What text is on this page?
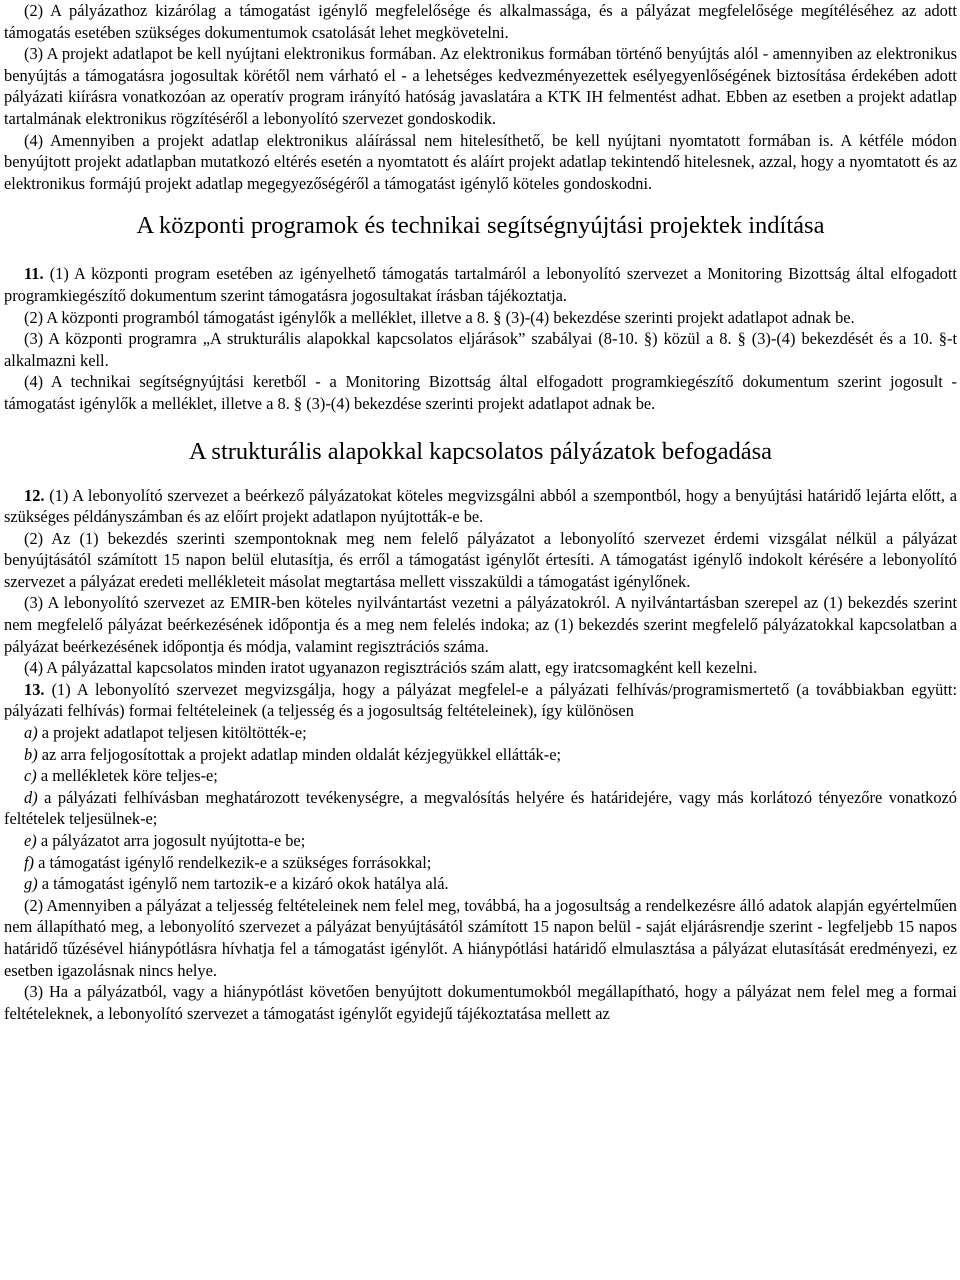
(2) A pályázathoz kizárólag a támogatást igénylő megfelelősége és alkalmassága, és a pályázat megfelelősége megítéléséhez az adott támogatás esetében szükséges dokumentumok csatolását lehet megkövetelni.

(3) A projekt adatlapot be kell nyújtani elektronikus formában. Az elektronikus formában történő benyújtás alól - amennyiben az elektronikus benyújtás a támogatásra jogosultak körétől nem várható el - a lehetséges kedvezményezettek esélyegyenlőségének biztosítása érdekében adott pályázati kiírásra vonatkozóan az operatív program irányító hatóság javaslatára a KTK IH felmentést adhat. Ebben az esetben a projekt adatlap tartalmának elektronikus rögzítéséről a lebonyolító szervezet gondoskodik.

(4) Amennyiben a projekt adatlap elektronikus aláírással nem hitelesíthető, be kell nyújtani nyomtatott formában is. A kétféle módon benyújtott projekt adatlapban mutatkozó eltérés esetén a nyomtatott és aláírt projekt adatlap tekintendő hitelesnek, azzal, hogy a nyomtatott és az elektronikus formájú projekt adatlap megegyezőségéről a támogatást igénylő köteles gondoskodni.

A központi programok és technikai segítségnyújtási projektek indítása

11. (1) A központi program esetében az igényelhető támogatás tartalmáról a lebonyolító szervezet a Monitoring Bizottság által elfogadott programkiegészítő dokumentum szerint támogatásra jogosultakat írásban tájékoztatja.

(2) A központi programból támogatást igénylők a melléklet, illetve a 8. § (3)-(4) bekezdése szerinti projekt adatlapot adnak be.

(3) A központi programra „A strukturális alapokkal kapcsolatos eljárások” szabályai (8-10. §) közül a 8. § (3)-(4) bekezdését és a 10. §-t alkalmazni kell.

(4) A technikai segítségnyújtási keretből - a Monitoring Bizottság által elfogadott programkiegészítő dokumentum szerint jogosult - támogatást igénylők a melléklet, illetve a 8. § (3)-(4) bekezdése szerinti projekt adatlapot adnak be.

A strukturális alapokkal kapcsolatos pályázatok befogadása

12. (1) A lebonyolító szervezet a beérkező pályázatokat köteles megvizsgálni abból a szempontból, hogy a benyújtási határidő lejárta előtt, a szükséges példányszámban és az előírt projekt adatlapon nyújtották-e be.

(2) Az (1) bekezdés szerinti szempontoknak meg nem felelő pályázatot a lebonyolító szervezet érdemi vizsgálat nélkül a pályázat benyújtásától számított 15 napon belül elutasítja, és erről a támogatást igénylőt értesíti. A támogatást igénylő indokolt kérésére a lebonyolító szervezet a pályázat eredeti mellékleteit másolat megtartása mellett visszaküldi a támogatást igénylőnek.

(3) A lebonyolító szervezet az EMIR-ben köteles nyilvántartást vezetni a pályázatokról. A nyilvántartásban szerepel az (1) bekezdés szerint nem megfelelő pályázat beérkezésének időpontja és a meg nem felelés indoka; az (1) bekezdés szerint megfelelő pályázatokkal kapcsolatban a pályázat beérkezésének időpontja és módja, valamint regisztrációs száma.

(4) A pályázattal kapcsolatos minden iratot ugyanazon regisztrációs szám alatt, egy iratcsomagként kell kezelni.

13. (1) A lebonyolító szervezet megvizsgálja, hogy a pályázat megfelel-e a pályázati felhívás/programismertető (a továbbiakban együtt: pályázati felhívás) formai feltételeinek (a teljesség és a jogosultság feltételeinek), így különösen

a) a projekt adatlapot teljesen kitöltötték-e;

b) az arra feljogosítottak a projekt adatlap minden oldalát kézjegyükkel ellátták-e;

c) a mellékletek köre teljes-e;

d) a pályázati felhívásban meghatározott tevékenységre, a megvalósítás helyére és határidejére, vagy más korlátozó tényezőre vonatkozó feltételek teljesülnek-e;

e) a pályázatot arra jogosult nyújtotta-e be;

f) a támogatást igénylő rendelkezik-e a szükséges forrásokkal;

g) a támogatást igénylő nem tartozik-e a kizáró okok hatálya alá.

(2) Amennyiben a pályázat a teljesség feltételeinek nem felel meg, továbbá, ha a jogosultság a rendelkezésre álló adatok alapján egyértelműen nem állapítható meg, a lebonyolító szervezet a pályázat benyújtásától számított 15 napon belül - saját eljárásrendje szerint - legfeljebb 15 napos határidő tűzésével hiánypótlásra hívhatja fel a támogatást igénylőt. A hiánypótlási határidő elmulasztása a pályázat elutasítását eredményezi, ez esetben igazolásnak nincs helye.

(3) Ha a pályázatból, vagy a hiánypótlást követően benyújtott dokumentumokból megállapítható, hogy a pályázat nem felel meg a formai feltételeknek, a lebonyolító szervezet a támogatást igénylőt egyidejű tájékoztatása mellett az
